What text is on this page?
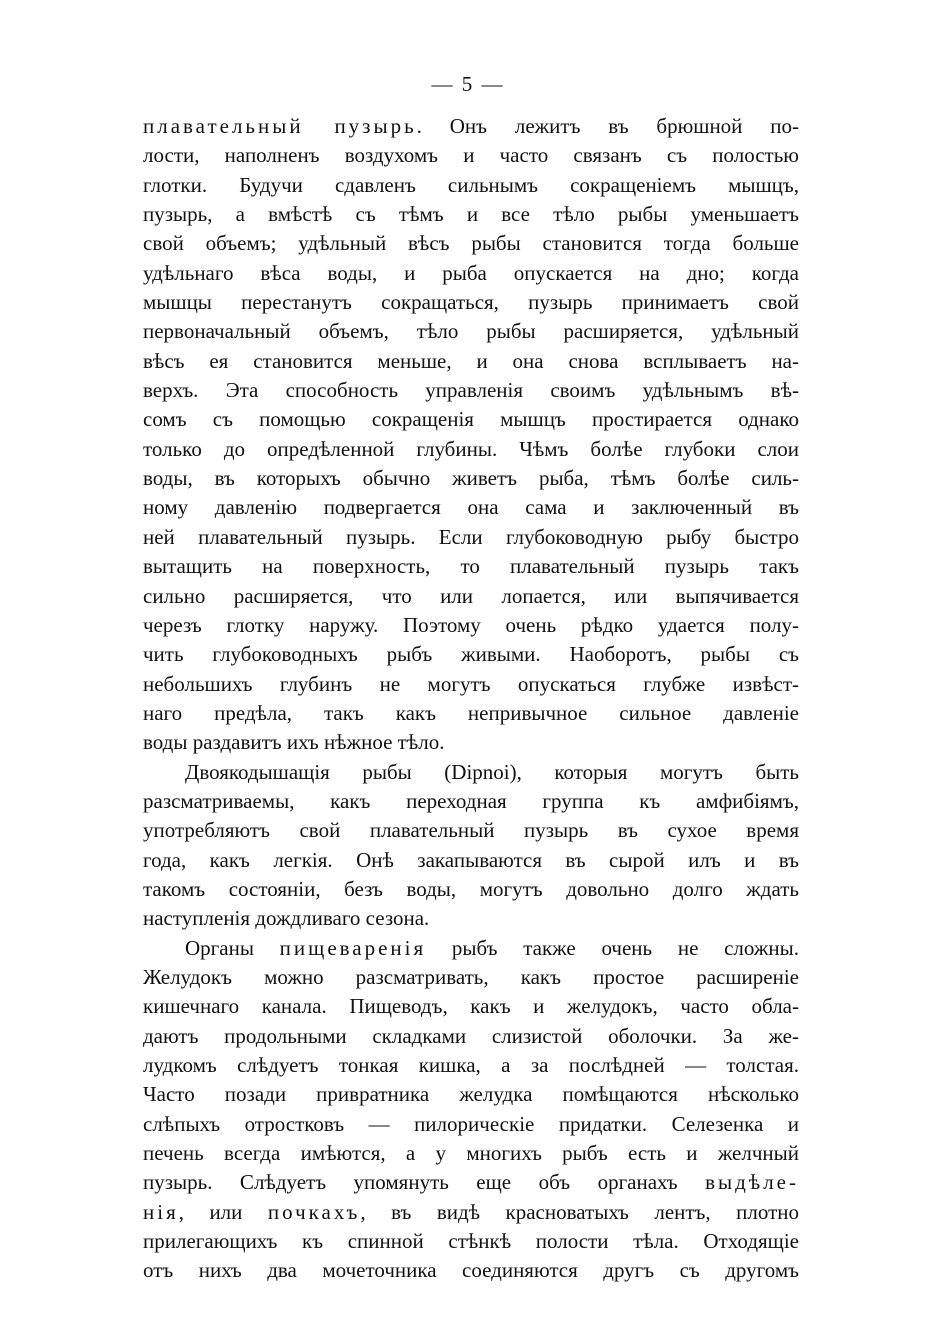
— 5 —
плавательный пузырь. Онъ лежитъ въ брюшной по-
лости, наполненъ воздухомъ и часто связанъ съ полостью
глотки. Будучи сдавленъ сильнымъ сокращеніемъ мышцъ,
пузырь, а вмѣстѣ съ тѣмъ и все тѣло рыбы уменьшаетъ
свой объемъ; удѣльный вѣсъ рыбы становится тогда больше
удѣльнаго вѣса воды, и рыба опускается на дно; когда
мышцы перестанутъ сокращаться, пузырь принимаетъ свой
первоначальный объемъ, тѣло рыбы расширяется, удѣльный
вѣсъ ея становится меньше, и она снова всплываетъ на-
верхъ. Эта способность управленія своимъ удѣльнымъ вѣ-
сомъ съ помощью сокращенія мышцъ простирается однако
только до опредѣленной глубины. Чѣмъ болѣе глубоки слои
воды, въ которыхъ обычно живетъ рыба, тѣмъ болѣе силь-
ному давленію подвергается она сама и заключенный въ
ней плавательный пузырь. Если глубоководную рыбу быстро
вытащить на поверхность, то плавательный пузырь такъ
сильно расширяется, что или лопается, или выпячивается
черезъ глотку наружу. Поэтому очень рѣдко удается полу-
чить глубоководныхъ рыбъ живыми. Наоборотъ, рыбы съ
небольшихъ глубинъ не могутъ опускаться глубже извѣст-
наго предѣла, такъ какъ непривычное сильное давленіе
воды раздавитъ ихъ нѣжное тѣло.
Двоякодышащія рыбы (Dipnoi), которыя могутъ быть
разсматриваемы, какъ переходная группа къ амфибіямъ,
употребляютъ свой плавательный пузырь въ сухое время
года, какъ легкія. Онѣ закапываются въ сырой илъ и въ
такомъ состояніи, безъ воды, могутъ довольно долго ждать
наступленія дождливаго сезона.
Органы пищеваренія рыбъ также очень не сложны.
Желудокъ можно разсматривать, какъ простое расширеніе
кишечнаго канала. Пищеводъ, какъ и желудокъ, часто обла-
даютъ продольными складками слизистой оболочки. За же-
лудкомъ слѣдуетъ тонкая кишка, а за послѣдней — толстая.
Часто позади привратника желудка помѣщаются нѣсколько
слѣпыхъ отростковъ — пилорическіе придатки. Селезенка и
печень всегда имѣются, а у многихъ рыбъ есть и желчный
пузырь. Слѣдуетъ упомянуть еще объ органахъ выдѣле-
нія, или почкахъ, въ видѣ красноватыхъ лентъ, плотно
прилегающихъ къ спинной стѣнкѣ полости тѣла. Отходящіе
отъ нихъ два мочеточника соединяются другъ съ другомъ
